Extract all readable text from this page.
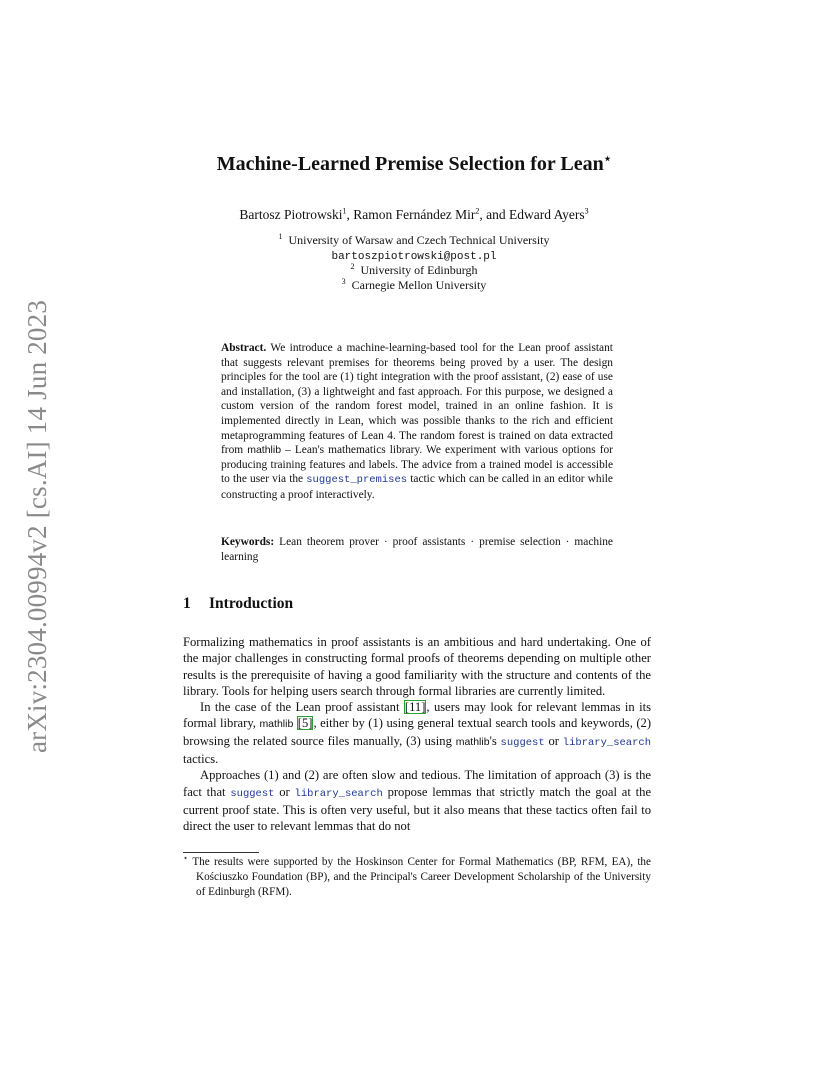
arXiv:2304.00994v2 [cs.AI] 14 Jun 2023
Machine-Learned Premise Selection for Lean⋆
Bartosz Piotrowski$^1$, Ramon Fernández Mir$^2$, and Edward Ayers$^3$
$^1$ University of Warsaw and Czech Technical University
bartoszpiotrowski@post.pl
$^2$ University of Edinburgh
$^3$ Carnegie Mellon University
Abstract. We introduce a machine-learning-based tool for the Lean proof assistant that suggests relevant premises for theorems being proved by a user. The design principles for the tool are (1) tight integration with the proof assistant, (2) ease of use and installation, (3) a lightweight and fast approach. For this purpose, we designed a custom version of the random forest model, trained in an online fashion. It is implemented directly in Lean, which was possible thanks to the rich and efficient metaprogramming features of Lean 4. The random forest is trained on data extracted from mathlib – Lean's mathematics library. We experiment with various options for producing training features and labels. The advice from a trained model is accessible to the user via the suggest_premises tactic which can be called in an editor while constructing a proof interactively.
Keywords: Lean theorem prover · proof assistants · premise selection · machine learning
1 Introduction

Formalizing mathematics in proof assistants is an ambitious and hard undertaking. One of the major challenges in constructing formal proofs of theorems depending on multiple other results is the prerequisite of having a good familiarity with the structure and contents of the library. Tools for helping users search through formal libraries are currently limited.

In the case of the Lean proof assistant [11], users may look for relevant lemmas in its formal library, mathlib [5], either by (1) using general textual search tools and keywords, (2) browsing the related source files manually, (3) using mathlib's suggest or library_search tactics.

Approaches (1) and (2) are often slow and tedious. The limitation of approach (3) is the fact that suggest or library_search propose lemmas that strictly match the goal at the current proof state. This is often very useful, but it also means that these tactics often fail to direct the user to relevant lemmas that do not

⋆ The results were supported by the Hoskinson Center for Formal Mathematics (BP, RFM, EA), the Kościuszko Foundation (BP), and the Principal's Career Development Scholarship of the University of Edinburgh (RFM).
